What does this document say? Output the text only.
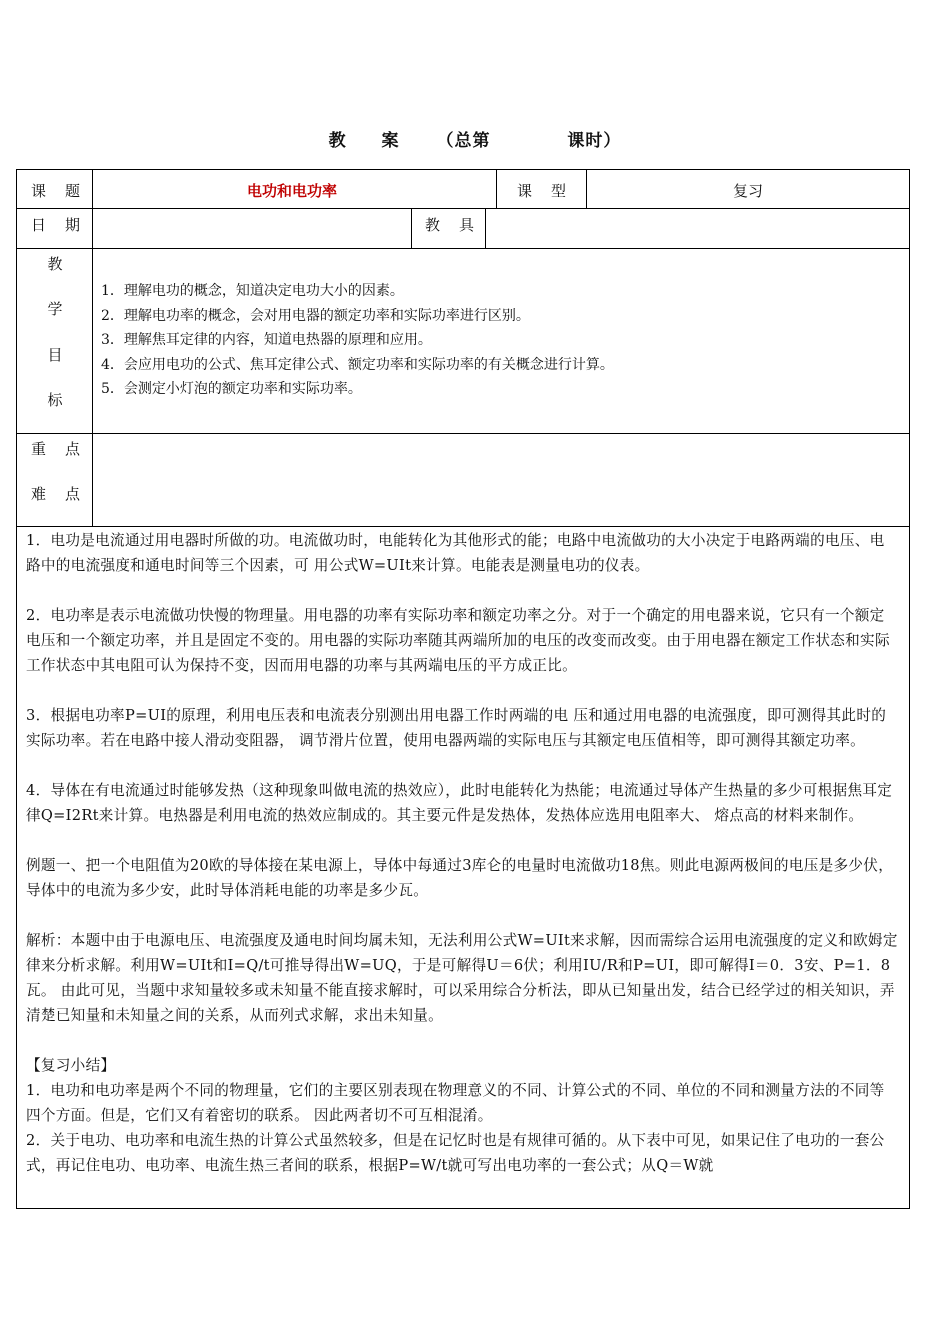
教 案 （总第	课时）
课　题	电功和电功率	课　型	复习
日　期	教　具
教
学
目
标
1．理解电功的概念，知道决定电功大小的因素。
2．理解电功率的概念，会对用电器的额定功率和实际功率进行区别。
3．理解焦耳定律的内容，知道电热器的原理和应用。
4．会应用电功的公式、焦耳定律公式、额定功率和实际功率的有关概念进行计算。
5．会测定小灯泡的额定功率和实际功率。
重　点
难　点

1．电功是电流通过用电器时所做的功。电流做功时，电能转化为其他形式的能；电路中电流做功的大小决定于电路两端的电压、电路中的电流强度和通电时间等三个因素，可 用公式W=UIt来计算。电能表是测量电功的仪表。

2．电功率是表示电流做功快慢的物理量。用电器的功率有实际功率和额定功率之分。对于一个确定的用电器来说，它只有一个额定电压和一个额定功率，并且是固定不变的。用电器的实际功率随其两端所加的电压的改变而改变。由于用电器在额定工作状态和实际工作状态中其电阻可认为保持不变，因而用电器的功率与其两端电压的平方成正比。

3．根据电功率P=UI的原理，利用电压表和电流表分别测出用电器工作时两端的电 压和通过用电器的电流强度，即可测得其此时的实际功率。若在电路中接人滑动变阻器， 调节滑片位置，使用电器两端的实际电压与其额定电压值相等，即可测得其额定功率。

4．导体在有电流通过时能够发热（这种现象叫做电流的热效应），此时电能转化为热能；电流通过导体产生热量的多少可根据焦耳定律Q=I2Rt来计算。电热器是利用电流的热效应制成的。其主要元件是发热体，发热体应选用电阻率大、 熔点高的材料来制作。

例题一、把一个电阻值为20欧的导体接在某电源上，导体中每通过3库仑的电量时电流做功18焦。则此电源两极间的电压是多少伏，导体中的电流为多少安，此时导体消耗电能的功率是多少瓦。

解析：本题中由于电源电压、电流强度及通电时间均属未知，无法利用公式W=UIt来求解，因而需综合运用电流强度的定义和欧姆定律来分析求解。利用W=UIt和I=Q/t可推导得出W=UQ，于是可解得U＝6伏；利用IU/R和P=UI，即可解得I＝0．3安、P=1．8瓦。 由此可见，当题中求知量较多或未知量不能直接求解时，可以采用综合分析法，即从已知量出发，结合已经学过的相关知识，弄清楚已知量和未知量之间的关系，从而列式求解，求出未知量。

【复习小结】

1．电功和电功率是两个不同的物理量，它们的主要区别表现在物理意义的不同、计算公式的不同、单位的不同和测量方法的不同等四个方面。但是，它们又有着密切的联系。 因此两者切不可互相混淆。

2．关于电功、电功率和电流生热的计算公式虽然较多，但是在记忆时也是有规律可循的。从下表中可见，如果记住了电功的一套公式，再记住电功、电功率、电流生热三者间的联系，根据P=W/t就可写出电功率的一套公式；从Q＝W就
